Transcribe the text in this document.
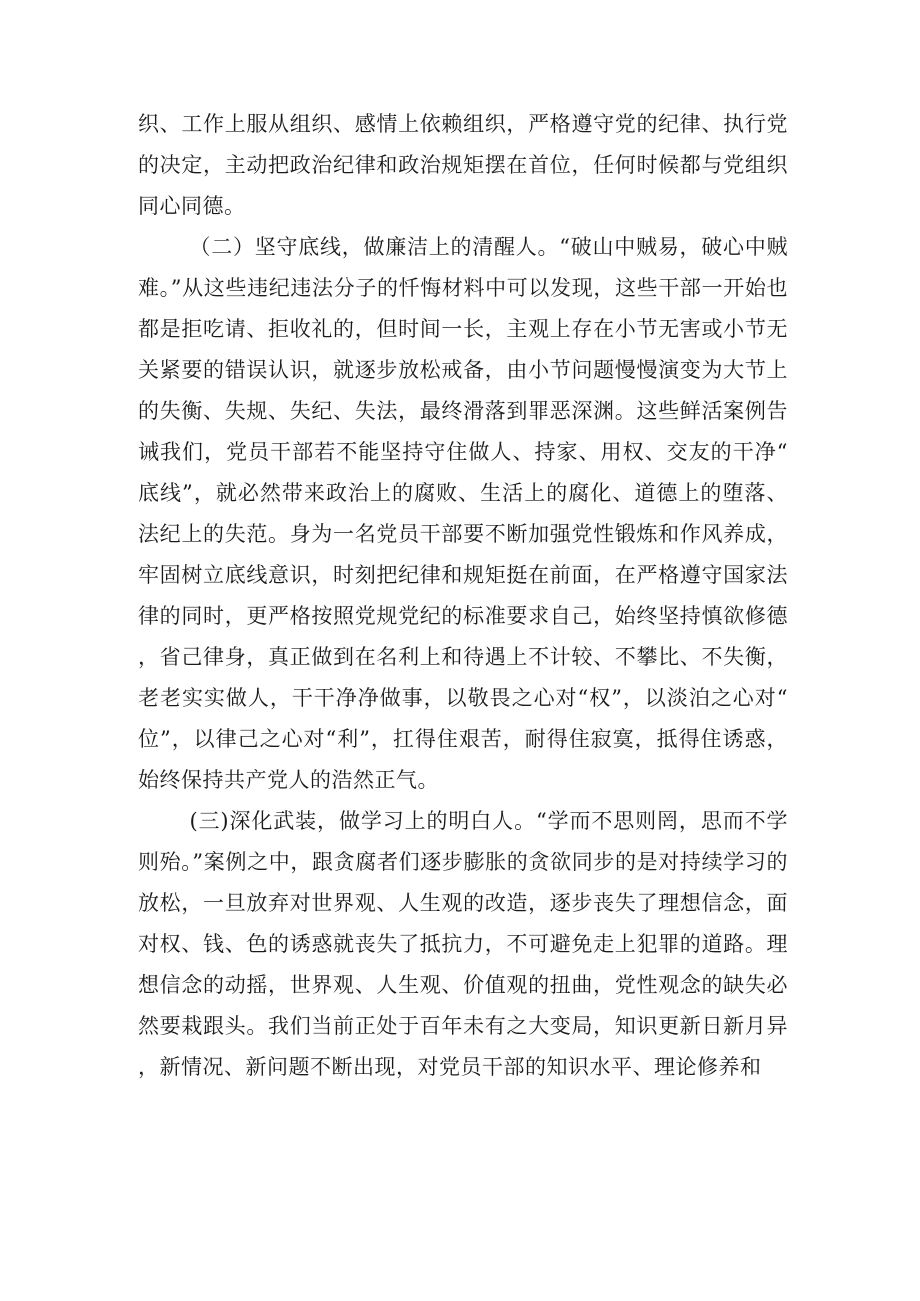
织、工作上服从组织、感情上依赖组织，严格遵守党的纪律、执行党的决定，主动把政治纪律和政治规矩摆在首位，任何时候都与党组织同心同德。

（二）坚守底线，做廉洁上的清醒人。“破山中贼易，破心中贼难。”从这些违纪违法分子的忏悔材料中可以发现，这些干部一开始也都是拒吃请、拒收礼的，但时间一长，主观上存在小节无害或小节无关紧要的错误认识，就逐步放松戒备，由小节问题慢慢演变为大节上的失衡、失规、失纪、失法，最终滑落到罪恶深渊。这些鲜活案例告诫我们，党员干部若不能坚持守住做人、持家、用权、交友的干净“底线”，就必然带来政治上的腐败、生活上的腐化、道德上的堕落、法纪上的失范。身为一名党员干部要不断加强党性锻炼和作风养成，牢固树立底线意识，时刻把纪律和规矩挺在前面，在严格遵守国家法律的同时，更严格按照党规党纪的标准要求自己，始终坚持慎欲修德，省己律身，真正做到在名利上和待遇上不计较、不攀比、不失衡，老老实实做人，干干净净做事，以敬畏之心对“权”，以淡泊之心对“位”，以律己之心对“利”，扛得住艰苦，耐得住寂寞，抵得住诱惑，始终保持共产党人的浩然正气。

(三)深化武装，做学习上的明白人。“学而不思则罔，思而不学则殆。”案例之中，跟贪腐者们逐步膨胀的贪欲同步的是对持续学习的放松，一旦放弃对世界观、人生观的改造，逐步丧失了理想信念，面对权、钱、色的诱惑就丧失了抵抗力，不可避免走上犯罪的道路。理想信念的动摇，世界观、人生观、价值观的扭曲，党性观念的缺失必然要栽跟头。我们当前正处于百年未有之大变局，知识更新日新月异，新情况、新问题不断出现，对党员干部的知识水平、理论修养和
